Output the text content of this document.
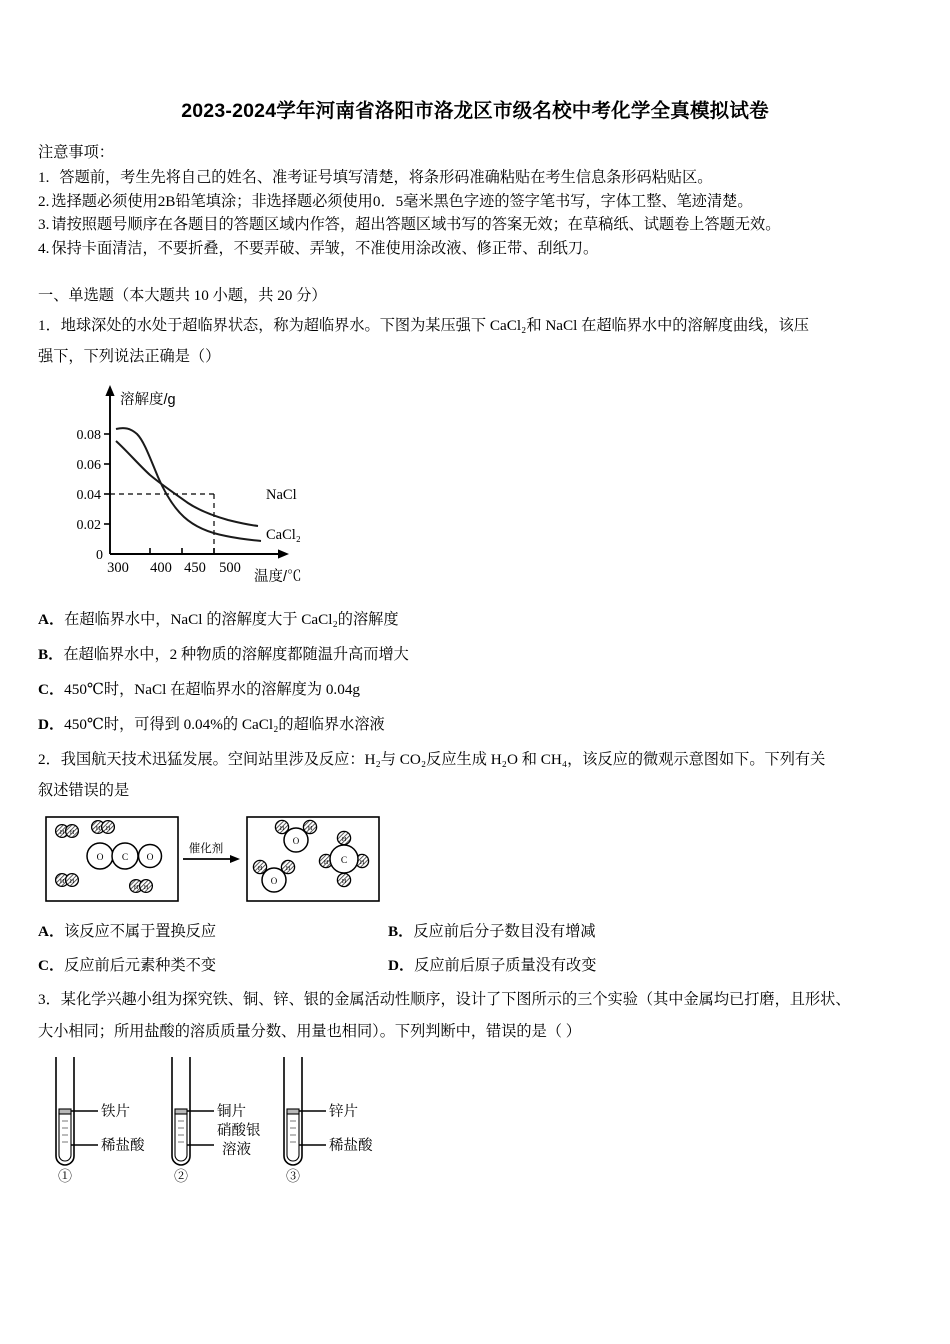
2023-2024学年河南省洛阳市洛龙区市级名校中考化学全真模拟试卷
注意事项：
1. 答题前，考生先将自己的姓名、准考证号填写清楚，将条形码准确粘贴在考生信息条形码粘贴区。
2. 选择题必须使用2B铅笔填涂；非选择题必须使用0．5毫米黑色字迹的签字笔书写，字体工整、笔迹清楚。
3. 请按照题号顺序在各题目的答题区域内作答，超出答题区域书写的答案无效；在草稿纸、试题卷上答题无效。
4. 保持卡面清洁，不要折叠，不要弄破、弄皱，不准使用涂改液、修正带、刮纸刀。
一、单选题（本大题共 10 小题，共 20 分）
1．地球深处的水处于超临界状态，称为超临界水。下图为某压强下 CaCl₂和 NaCl 在超临界水中的溶解度曲线，该压
强下，下列说法正确是（）
0.08
0.06
0.04
0.02
0
溶解度/g
300 400 450 500
温度/℃
NaCl
CaCl₂
A．在超临界水中，NaCl 的溶解度大于 CaCl₂的溶解度
B．在超临界水中，2 种物质的溶解度都随温升高而增大
C．450℃时，NaCl 在超临界水的溶解度为 0.04g
D．450℃时，可得到 0.04%的 CaCl₂的超临界水溶液
2．我国航天技术迅猛发展。空间站里涉及反应：H₂与 CO₂反应生成 H₂O 和 CH₄，该反应的微观示意图如下。下列有关
叙述错误的是
H H
H H
H H
H H
O C O
催化剂
H	H
O
H	H
O
H
H	H
H
C
A．该反应不属于置换反应	B．反应前后分子数目没有增减
C．反应前后元素种类不变	D．反应前后原子质量没有改变
3．某化学兴趣小组为探究铁、铜、锌、银的金属活动性顺序，设计了下图所示的三个实验（其中金属均已打磨，且形状、
大小相同；所用盐酸的溶质质量分数、用量也相同）。下列判断中，错误的是（ ）
铁片
稀盐酸
①
铜片
硝酸银
溶液
②
锌片
稀盐酸
③
